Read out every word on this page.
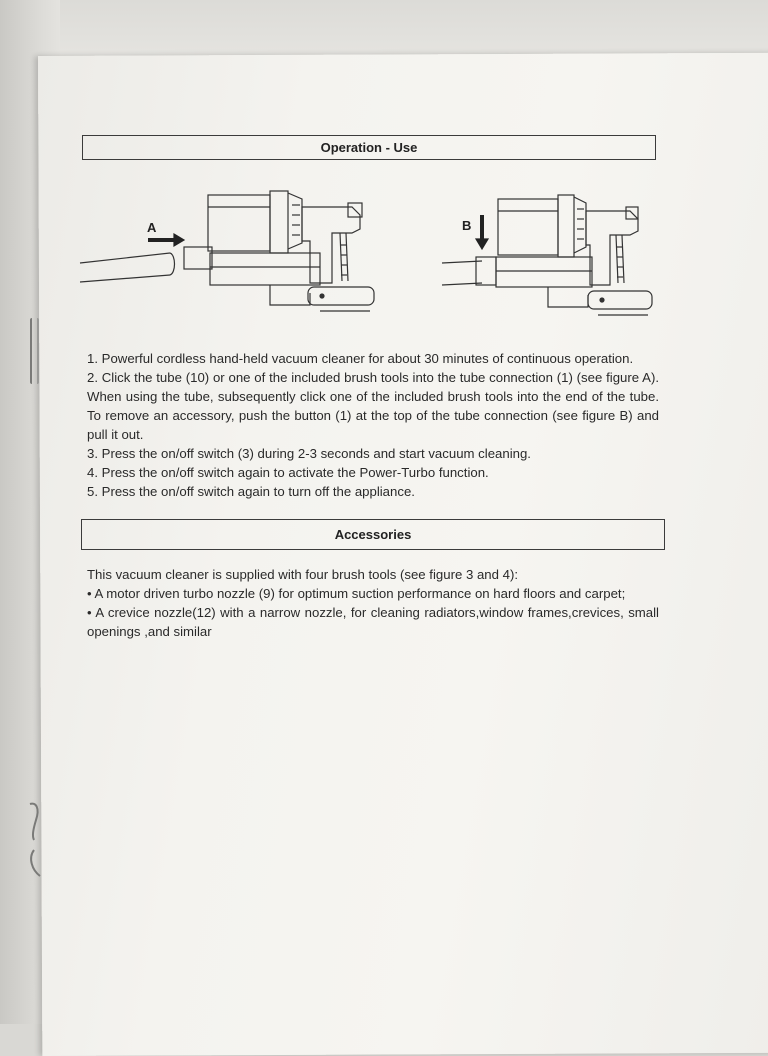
Operation - Use
A	B

1. Powerful cordless hand-held vacuum cleaner for about 30 minutes of continuous operation.

2. Click the tube (10) or one of the included brush tools into the tube connection (1) (see figure A). When using the tube, subsequently click one of the included brush tools into the end of the tube. To remove an accessory, push the button (1) at the top of the tube connection (see figure B) and pull it out.

3. Press the on/off switch (3) during 2-3 seconds and start vacuum cleaning.

4. Press the on/off switch again to activate the Power-Turbo function.

5. Press the on/off switch again to turn off the appliance.

Accessories

This vacuum cleaner is supplied with four brush tools (see figure 3 and 4):

• A motor driven turbo nozzle (9) for optimum suction performance on hard floors and carpet;

• A crevice nozzle(12) with a narrow nozzle, for cleaning radiators,window frames,crevices, small openings ,and similar
